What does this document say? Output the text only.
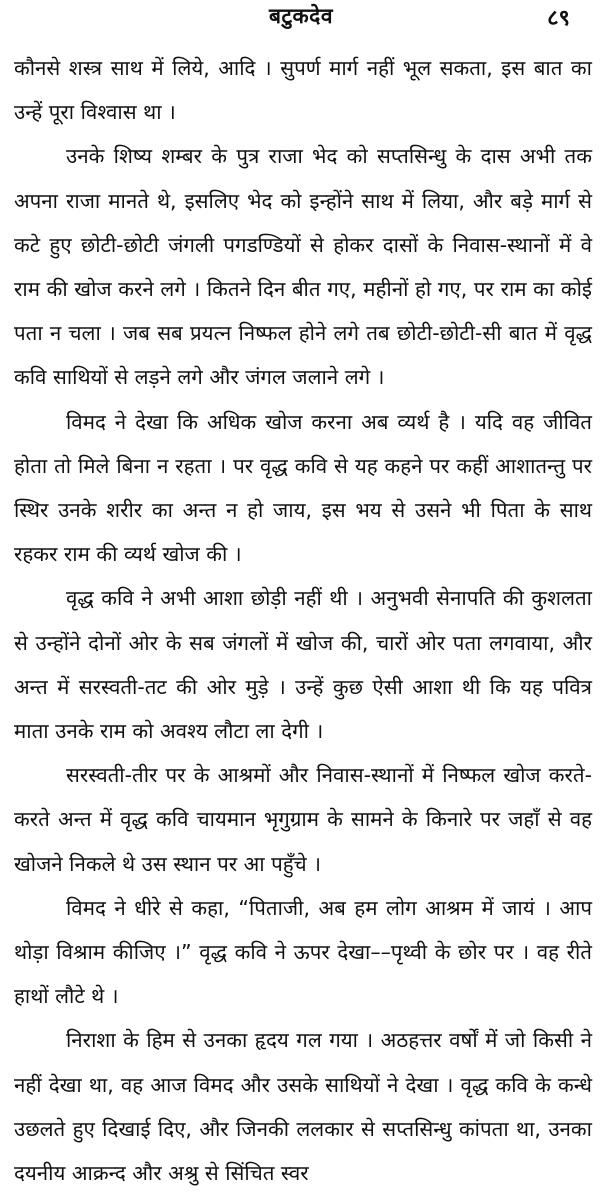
बटुकदेव	८९

कौनसे शस्त्र साथ में लिये, आदि । सुपर्ण मार्ग नहीं भूल सकता, इस बात का उन्हें पूरा विश्वास था ।

उनके शिष्य शम्बर के पुत्र राजा भेद को सप्तसिन्धु के दास अभी तक अपना राजा मानते थे, इसलिए भेद को इन्होंने साथ में लिया, और बड़े मार्ग से कटे हुए छोटी-छोटी जंगली पगडण्डियों से होकर दासों के निवास-स्थानों में वे राम की खोज करने लगे । कितने दिन बीत गए, महीनों हो गए, पर राम का कोई पता न चला । जब सब प्रयत्न निष्फल होने लगे तब छोटी-छोटी-सी बात में वृद्ध कवि साथियों से लड़ने लगे और जंगल जलाने लगे ।

विमद ने देखा कि अधिक खोज करना अब व्यर्थ है । यदि वह जीवित होता तो मिले बिना न रहता । पर वृद्ध कवि से यह कहने पर कहीं आशातन्तु पर स्थिर उनके शरीर का अन्त न हो जाय, इस भय से उसने भी पिता के साथ रहकर राम की व्यर्थ खोज की ।

वृद्ध कवि ने अभी आशा छोड़ी नहीं थी । अनुभवी सेनापति की कुशलता से उन्होंने दोनों ओर के सब जंगलों में खोज की, चारों ओर पता लगवाया, और अन्त में सरस्वती-तट की ओर मुड़े । उन्हें कुछ ऐसी आशा थी कि यह पवित्र माता उनके राम को अवश्य लौटा ला देगी ।

सरस्वती-तीर पर के आश्रमों और निवास-स्थानों में निष्फल खोज करते-करते अन्त में वृद्ध कवि चायमान भृगुग्राम के सामने के किनारे पर जहाँ से वह खोजने निकले थे उस स्थान पर आ पहुँचे ।

विमद ने धीरे से कहा, “पिताजी, अब हम लोग आश्रम में जायं । आप थोड़ा विश्राम कीजिए ।” वृद्ध कवि ने ऊपर देखा––पृथ्वी के छोर पर । वह रीते हाथों लौटे थे ।

निराशा के हिम से उनका हृदय गल गया । अठहत्तर वर्षों में जो किसी ने नहीं देखा था, वह आज विमद और उसके साथियों ने देखा । वृद्ध कवि के कन्धे उछलते हुए दिखाई दिए, और जिनकी ललकार से सप्तसिन्धु कांपता था, उनका दयनीय आक्रन्द और अश्रु से सिंचित स्वर
